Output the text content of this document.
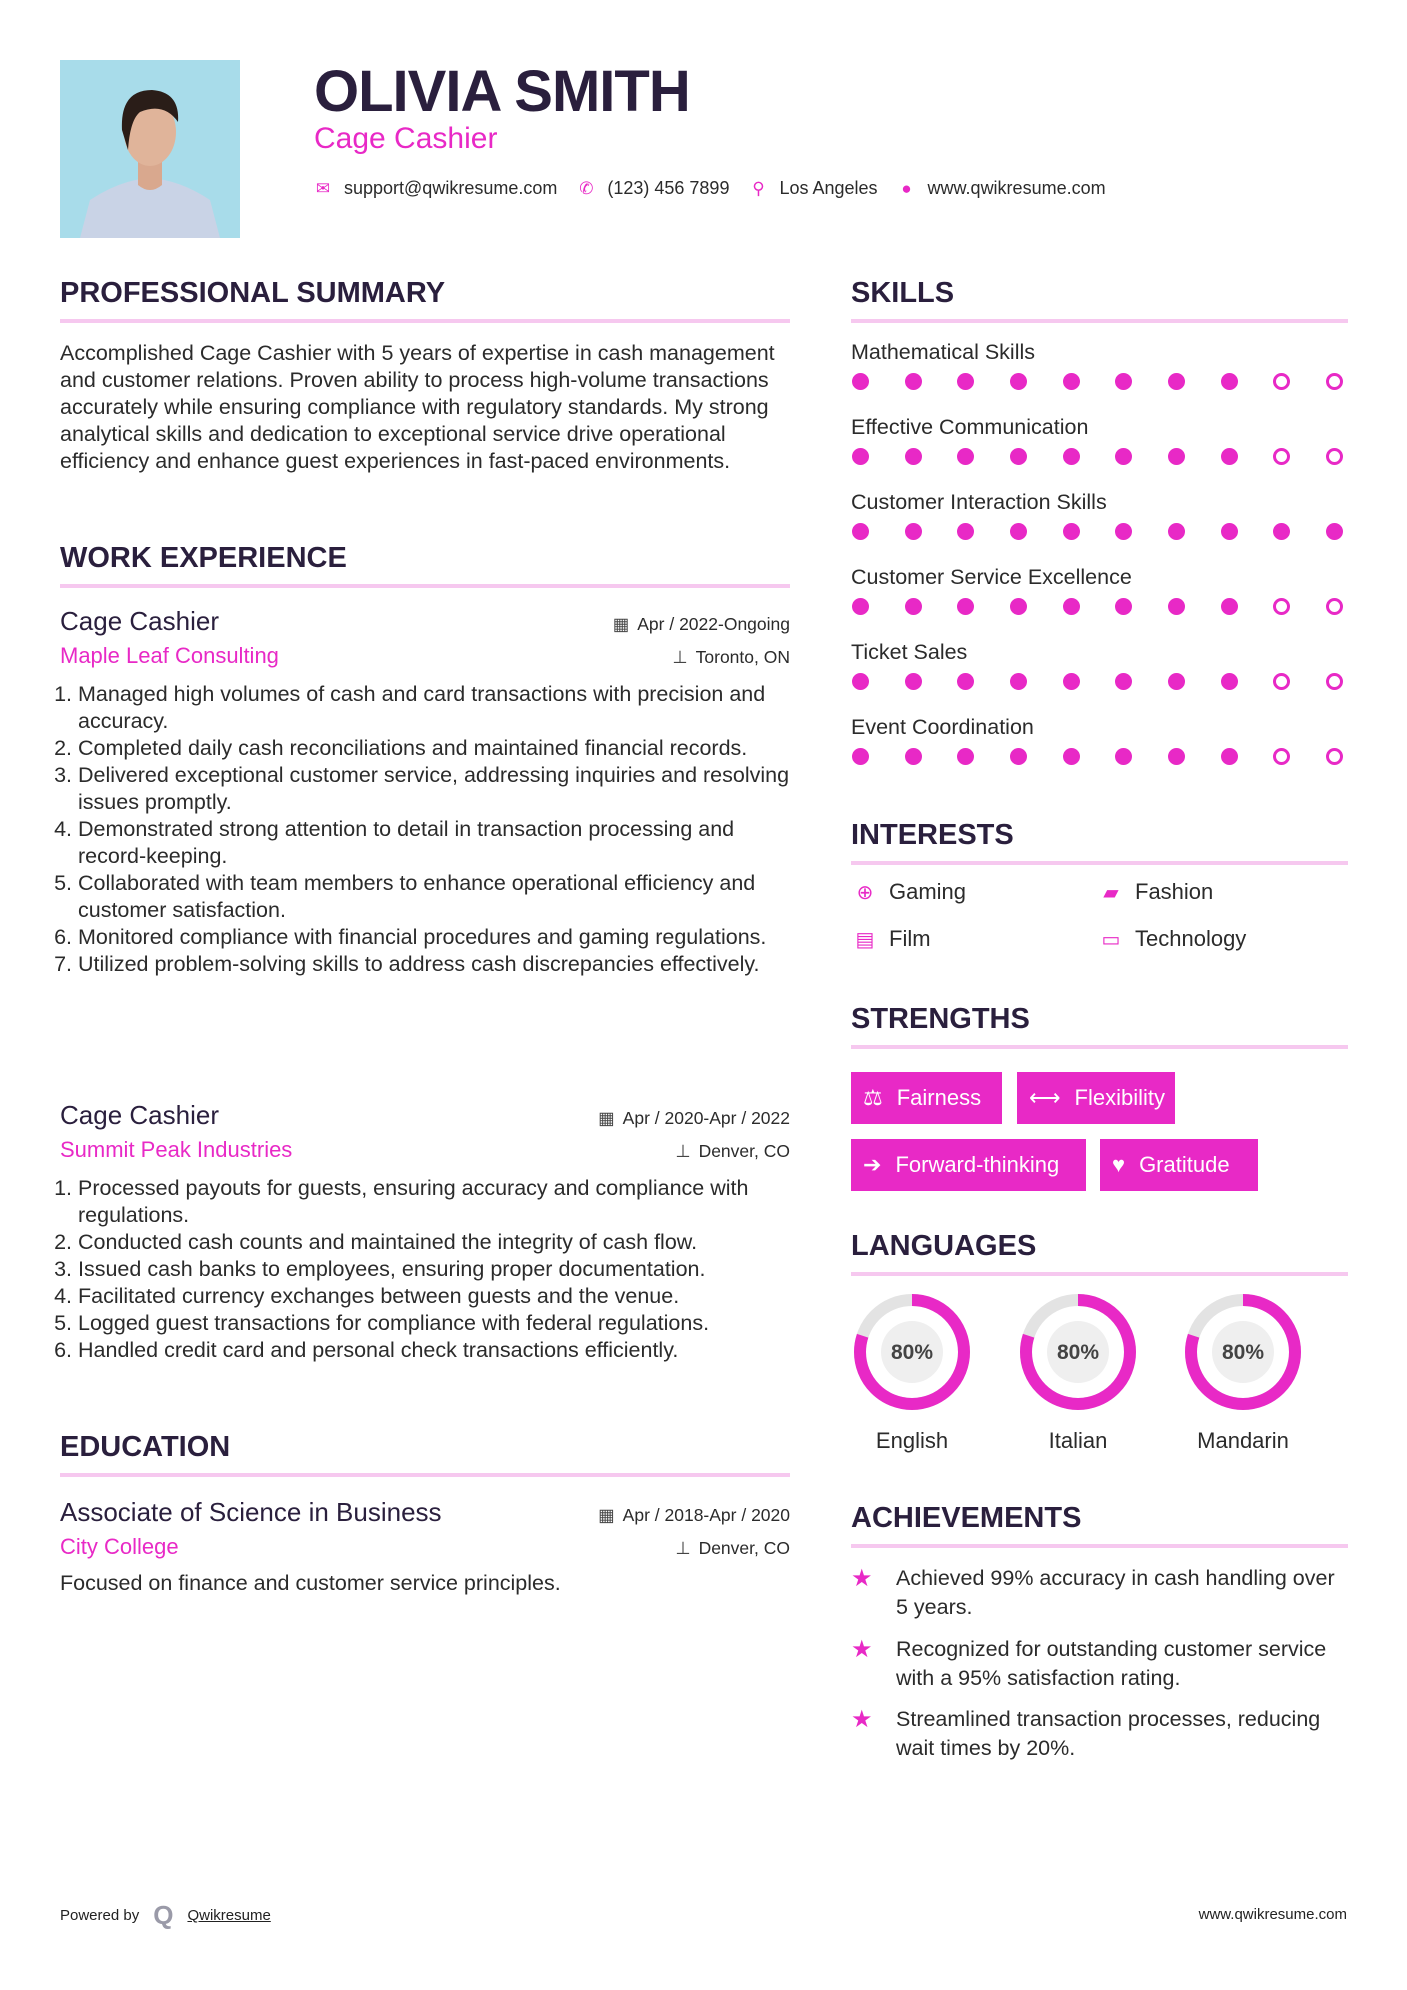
OLIVIA SMITH
Cage Cashier
✉ support@qwikresume.com ✆ (123) 456 7899 ⚲ Los Angeles ● www.qwikresume.com
PROFESSIONAL SUMMARY
Accomplished Cage Cashier with 5 years of expertise in cash management and customer relations. Proven ability to process high-volume transactions accurately while ensuring compliance with regulatory standards. My strong analytical skills and dedication to exceptional service drive operational efficiency and enhance guest experiences in fast-paced environments.
WORK EXPERIENCE
Cage Cashier	▦ Apr / 2022-Ongoing
Maple Leaf Consulting	⊥ Toronto, ON
1. Managed high volumes of cash and card transactions with precision and accuracy.
2. Completed daily cash reconciliations and maintained financial records.
3. Delivered exceptional customer service, addressing inquiries and resolving issues promptly.
4. Demonstrated strong attention to detail in transaction processing and record-keeping.
5. Collaborated with team members to enhance operational efficiency and customer satisfaction.
6. Monitored compliance with financial procedures and gaming regulations.
7. Utilized problem-solving skills to address cash discrepancies effectively.
Cage Cashier	▦ Apr / 2020-Apr / 2022
Summit Peak Industries	⊥ Denver, CO
1. Processed payouts for guests, ensuring accuracy and compliance with regulations.
2. Conducted cash counts and maintained the integrity of cash flow.
3. Issued cash banks to employees, ensuring proper documentation.
4. Facilitated currency exchanges between guests and the venue.
5. Logged guest transactions for compliance with federal regulations.
6. Handled credit card and personal check transactions efficiently.
EDUCATION
Associate of Science in Business	▦ Apr / 2018-Apr / 2020
City College	⊥ Denver, CO
Focused on finance and customer service principles.
SKILLS
Mathematical Skills
Effective Communication
Customer Interaction Skills
Customer Service Excellence
Ticket Sales
Event Coordination
INTERESTS
⊕ Gaming	▰ Fashion
▤ Film	▭ Technology
STRENGTHS
⚖ Fairness ⟷ Flexibility
➔ Forward-thinking ♥ Gratitude
LANGUAGES
80%
English
80%
Italian
80%
Mandarin
ACHIEVEMENTS
★	Achieved 99% accuracy in cash handling over 5 years.
★	Recognized for outstanding customer service with a 95% satisfaction rating.
★	Streamlined transaction processes, reducing wait times by 20%.
Powered by Q Qwikresume	www.qwikresume.com
